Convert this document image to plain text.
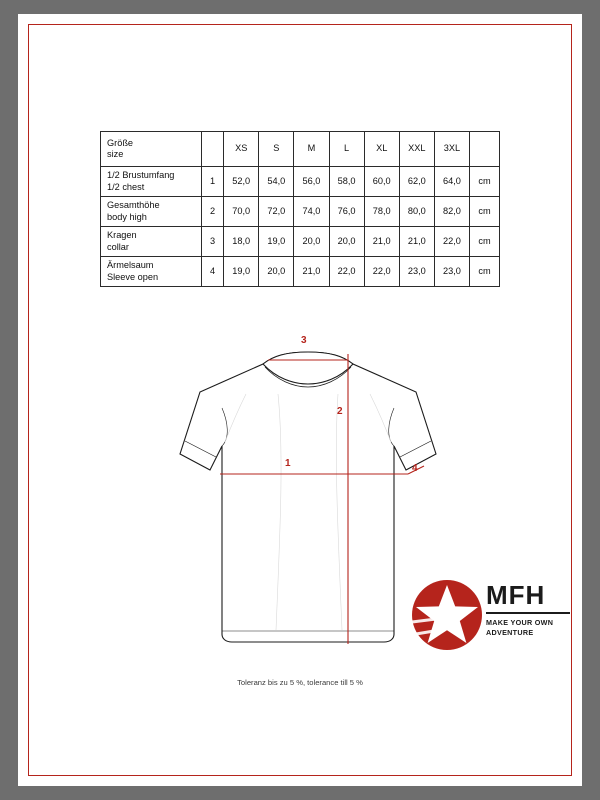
Größe
size		XS	S	M	L	XL	XXL	3XL	
1/2 Brustumfang
1/2 chest	1	52,0	54,0	56,0	58,0	60,0	62,0	64,0	cm
Gesamthöhe
body high	2	70,0	72,0	74,0	76,0	78,0	80,0	82,0	cm
Kragen
collar	3	18,0	19,0	20,0	20,0	21,0	21,0	22,0	cm
Ärmelsaum
Sleeve open	4	19,0	20,0	21,0	22,0	22,0	23,0	23,0	cm
3
2
1	4
MFH
MAKE YOUR OWN
ADVENTURE
Toleranz bis zu 5 %, tolerance till 5 %
